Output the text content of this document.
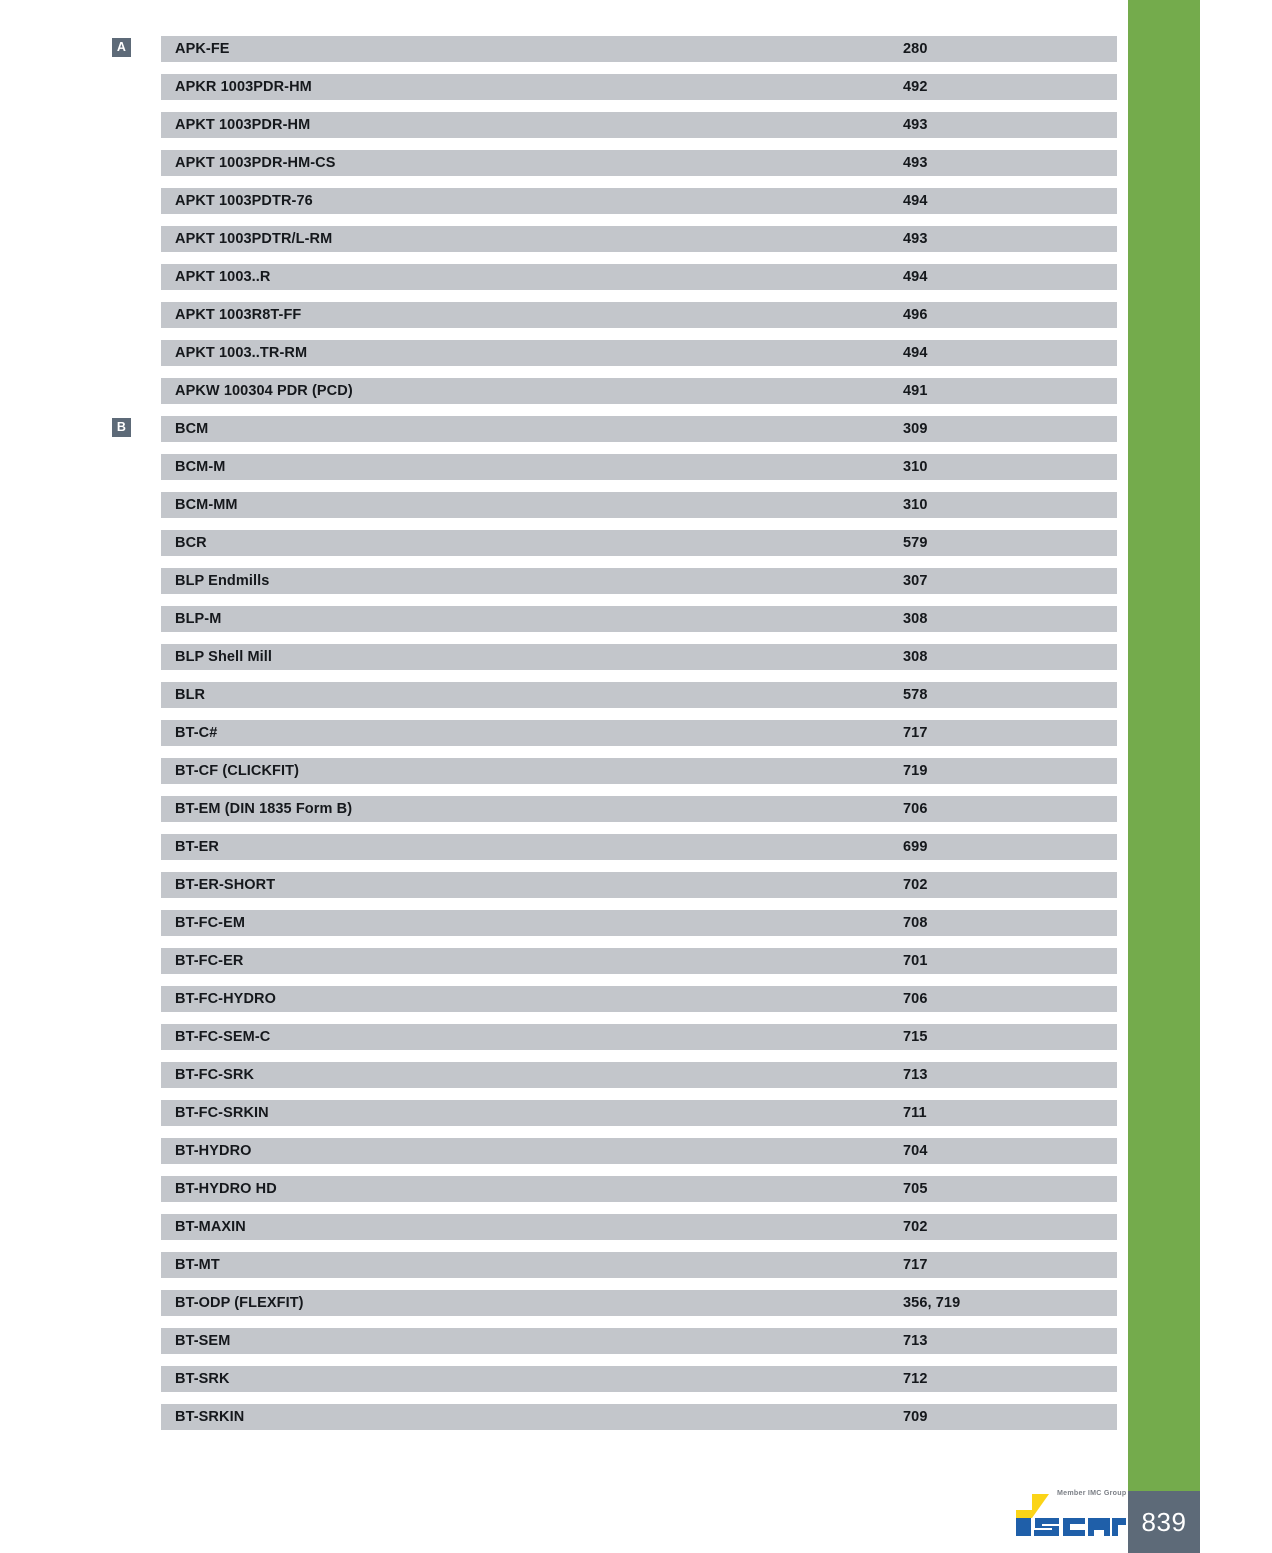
A	APK-FE	280
APKR 1003PDR-HM	492
APKT 1003PDR-HM	493
APKT 1003PDR-HM-CS	493
APKT 1003PDTR-76	494
APKT 1003PDTR/L-RM	493
APKT 1003..R	494
APKT 1003R8T-FF	496
APKT 1003..TR-RM	494
APKW 100304 PDR (PCD)	491
B	BCM	309
BCM-M	310
BCM-MM	310
BCR	579
BLP Endmills	307
BLP-M	308
BLP Shell Mill	308
BLR	578
BT-C#	717
BT-CF (CLICKFIT)	719
BT-EM (DIN 1835 Form B)	706
BT-ER	699
BT-ER-SHORT	702
BT-FC-EM	708
BT-FC-ER	701
BT-FC-HYDRO	706
BT-FC-SEM-C	715
BT-FC-SRK	713
BT-FC-SRKIN	711
BT-HYDRO	704
BT-HYDRO HD	705
BT-MAXIN	702
BT-MT	717
BT-ODP (FLEXFIT)	356, 719
BT-SEM	713
BT-SRK	712
BT-SRKIN	709
ALPHABETICAL INDEX
839
Member IMC Group
